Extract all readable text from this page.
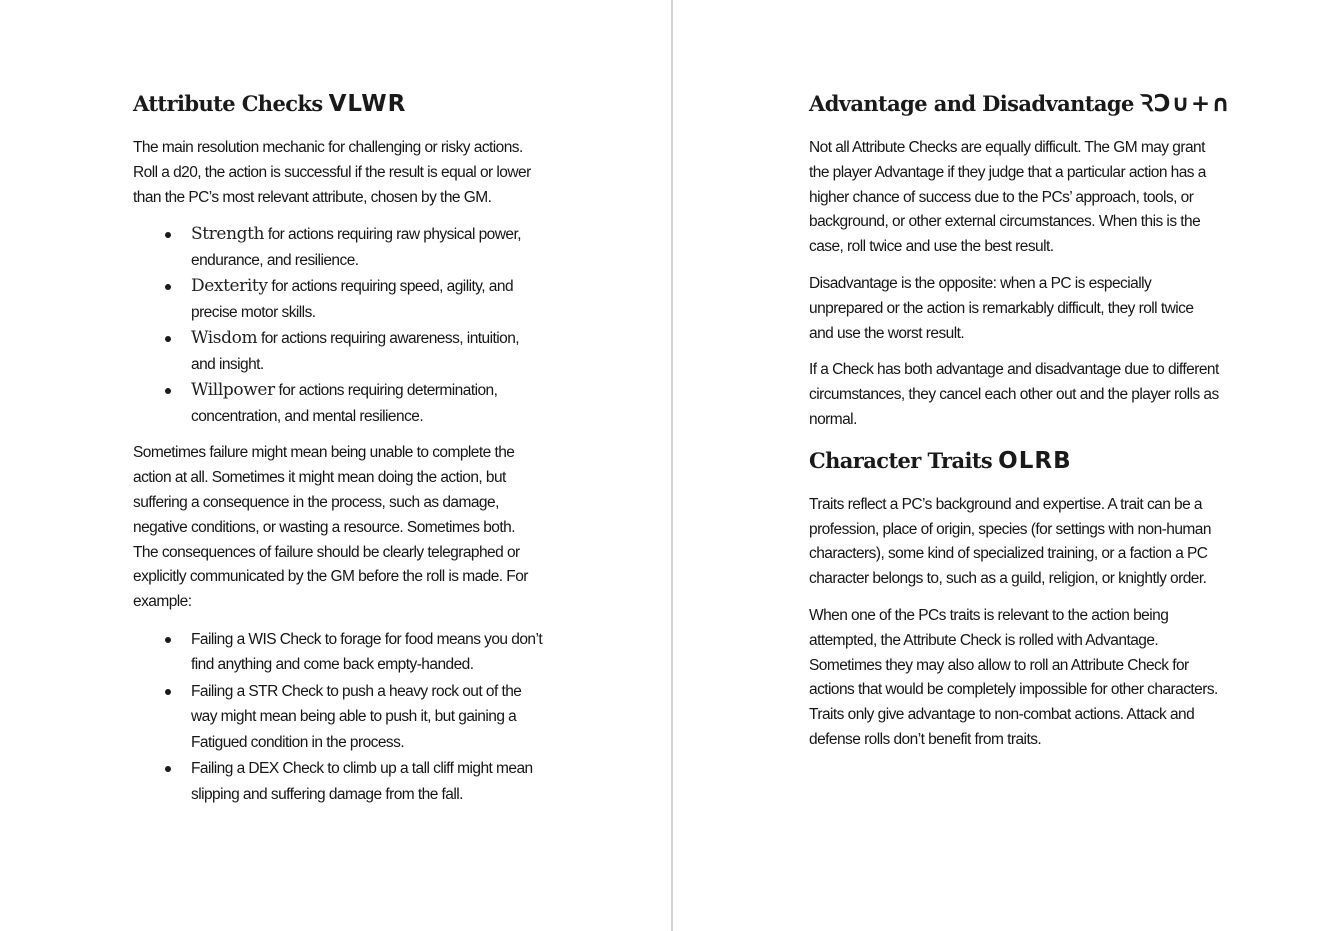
Attribute Checks VLWR

The main resolution mechanic for challenging or risky actions. Roll a d20, the action is successful if the result is equal or lower than the PC’s most relevant attribute, chosen by the GM.

Strength for actions requiring raw physical power, endurance, and resilience.
Dexterity for actions requiring speed, agility, and precise motor skills.
Wisdom for actions requiring awareness, intuition, and insight.
Willpower for actions requiring determination, concentration, and mental resilience.

Sometimes failure might mean being unable to complete the action at all. Sometimes it might mean doing the action, but suffering a consequence in the process, such as damage, negative conditions, or wasting a resource. Sometimes both. The consequences of failure should be clearly telegraphed or explicitly communicated by the GM before the roll is made. For example:

Failing a WIS Check to forage for food means you don’t find anything and come back empty-handed.
Failing a STR Check to push a heavy rock out of the way might mean being able to push it, but gaining a Fatigued condition in the process.
Failing a DEX Check to climb up a tall cliff might mean slipping and suffering damage from the fall.
Advantage and Disadvantage ꝚϽ∪+∩

Not all Attribute Checks are equally difficult. The GM may grant the player Advantage if they judge that a particular action has a higher chance of success due to the PCs’ approach, tools, or background, or other external circumstances. When this is the case, roll twice and use the best result.

Disadvantage is the opposite: when a PC is especially unprepared or the action is remarkably difficult, they roll twice and use the worst result.

If a Check has both advantage and disadvantage due to different circumstances, they cancel each other out and the player rolls as normal.

Character Traits OLRB

Traits reflect a PC’s background and expertise. A trait can be a profession, place of origin, species (for settings with non-human characters), some kind of specialized training, or a faction a PC character belongs to, such as a guild, religion, or knightly order.

When one of the PCs traits is relevant to the action being attempted, the Attribute Check is rolled with Advantage. Sometimes they may also allow to roll an Attribute Check for actions that would be completely impossible for other characters. Traits only give advantage to non-combat actions. Attack and defense rolls don’t benefit from traits.
